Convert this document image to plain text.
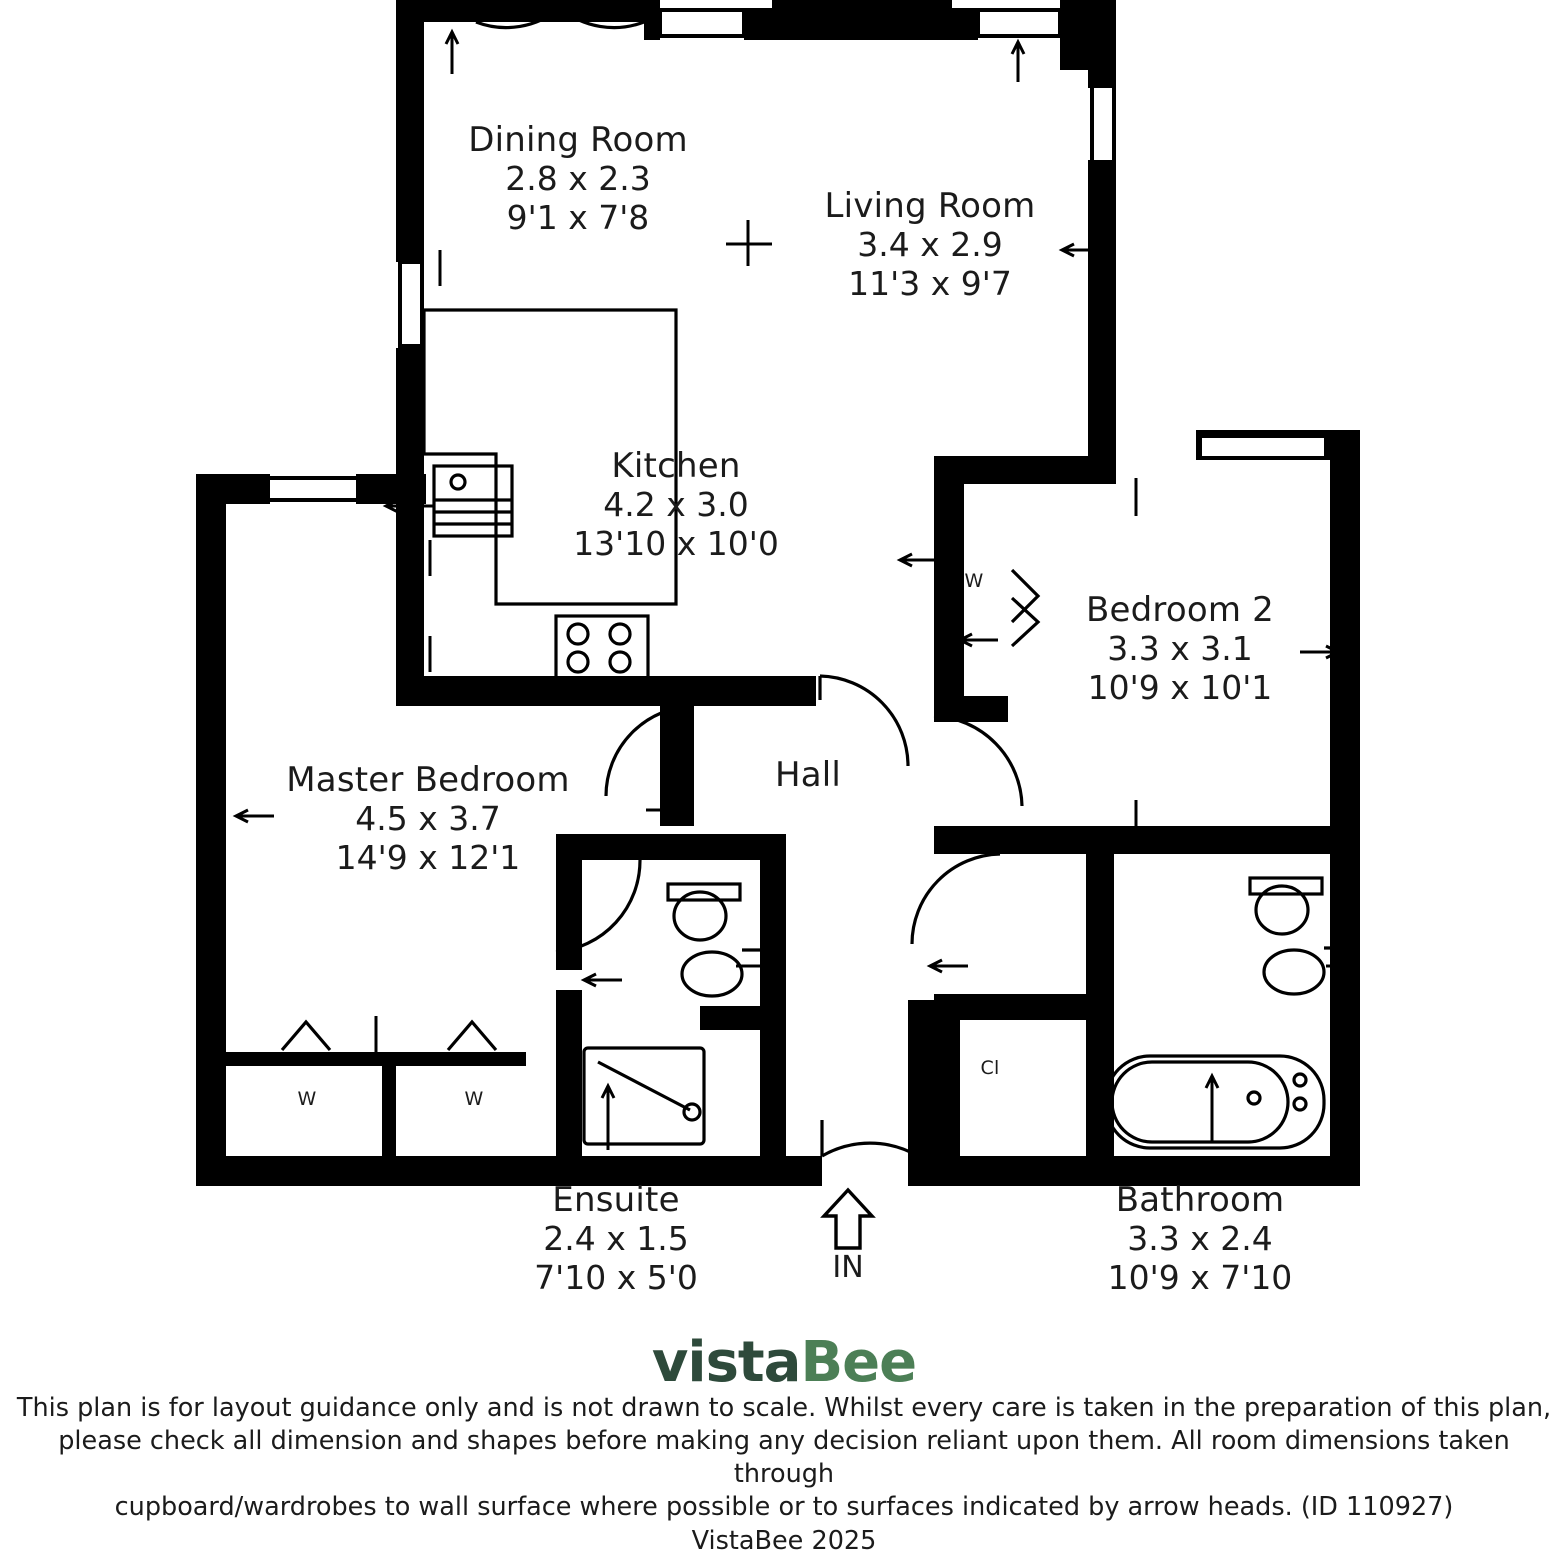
Dining Room
2.8 x 2.3
9'1 x 7'8	Living Room
3.4 x 2.9
11'3 x 9'7
Kitchen
4.2 x 3.0
13'10 x 10'0
Bedroom 2
3.3 x 3.1
10'9 x 10'1
Master Bedroom
4.5 x 3.7
14'9 x 12'1
Ensuite
2.4 x 1.5
7'10 x 5'0
Bathroom
3.3 x 2.4
10'9 x 7'10
Hall
Cl
W
W	W
IN
vistaBee
This plan is for layout guidance only and is not drawn to scale. Whilst every care is taken in the preparation of this plan,
please check all dimension and shapes before making any decision reliant upon them. All room dimensions taken through
cupboard/wardrobes to wall surface where possible or to surfaces indicated by arrow heads. (ID 110927)
VistaBee 2025
